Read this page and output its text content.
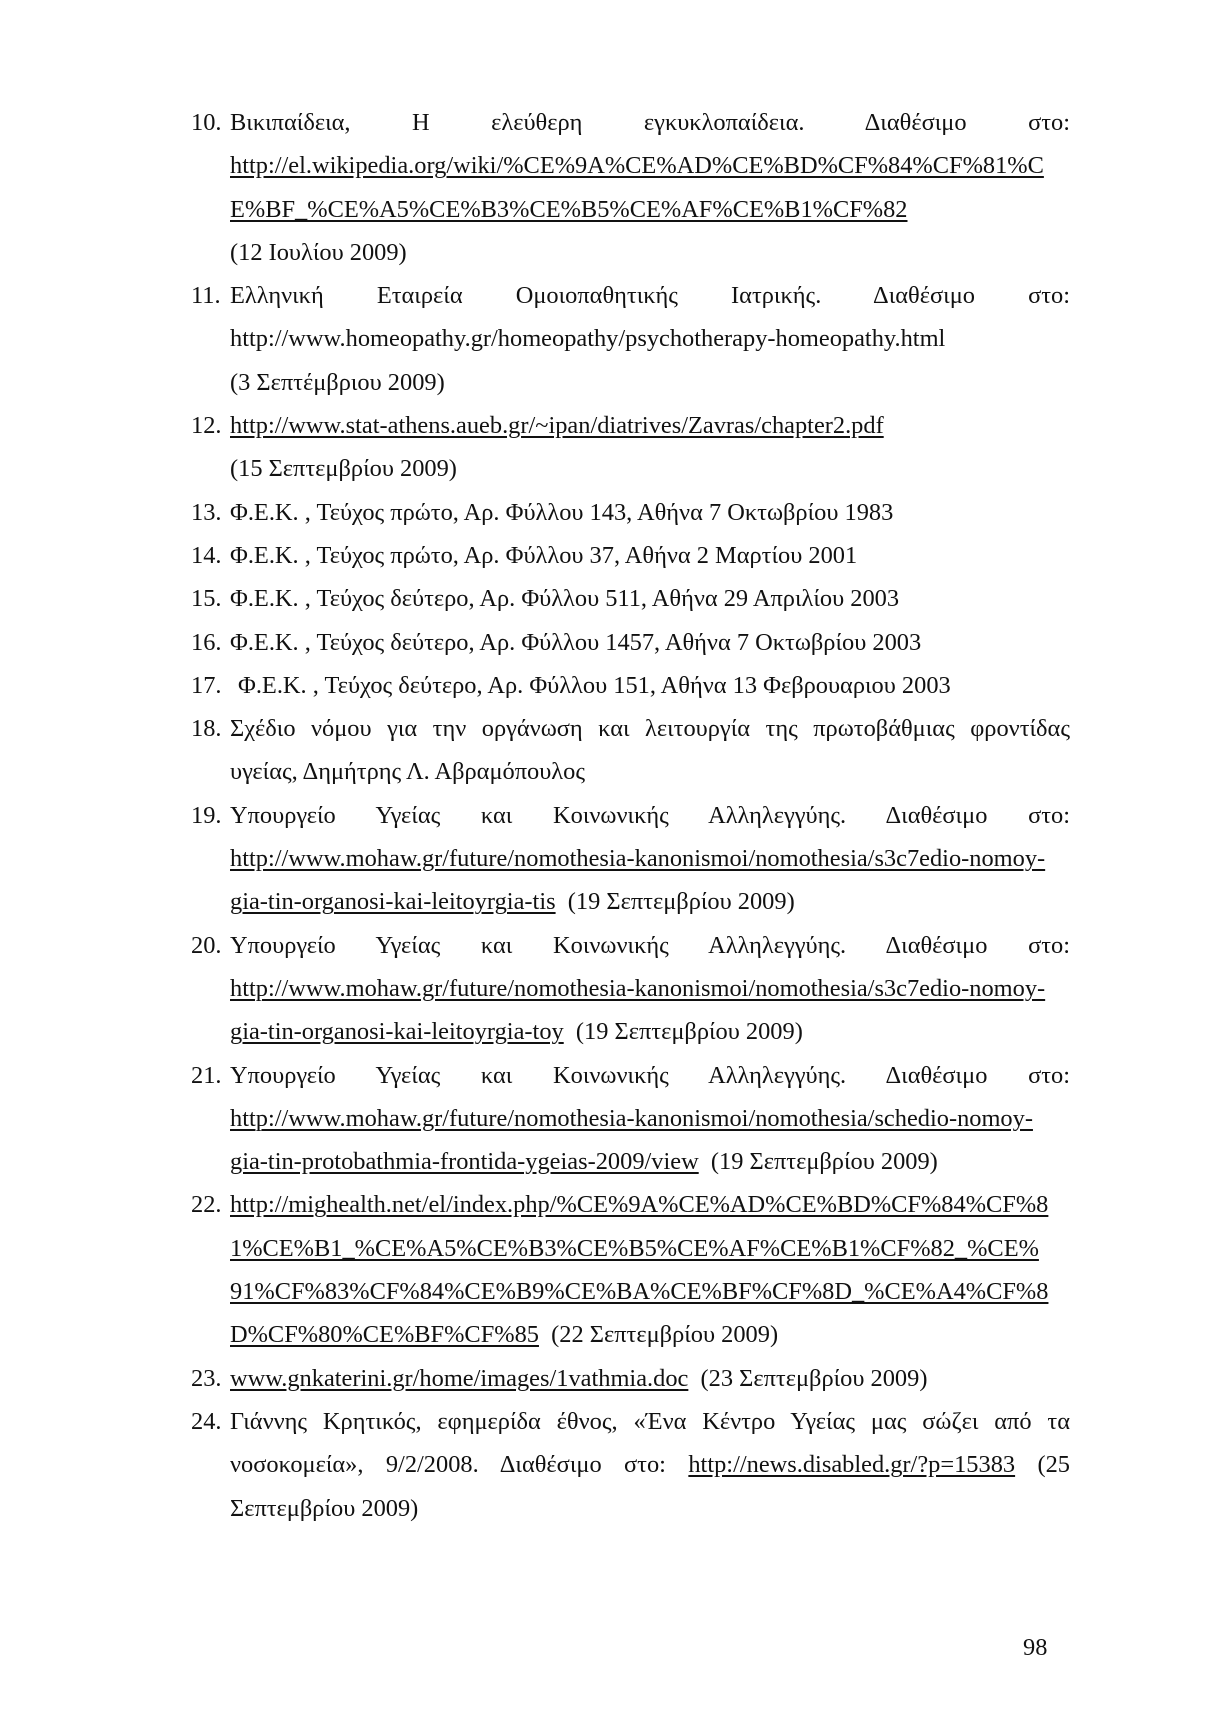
10. Βικιπαίδεια, Η ελεύθερη εγκυκλοπαίδεια. Διαθέσιμο στο:
http://el.wikipedia.org/wiki/%CE%9A%CE%AD%CE%BD%CF%84%CF%81%C
E%BF_%CE%A5%CE%B3%CE%B5%CE%AF%CE%B1%CF%82
(12 Ιουλίου 2009)
11. Ελληνική Εταιρεία Ομοιοπαθητικής Ιατρικής. Διαθέσιμο στο:
http://www.homeopathy.gr/homeopathy/psychotherapy-homeopathy.html
(3 Σεπτέμβριου 2009)
12. http://www.stat-athens.aueb.gr/~ipan/diatrives/Zavras/chapter2.pdf
(15 Σεπτεμβρίου 2009)
13. Φ.Ε.Κ. , Τεύχος πρώτο, Αρ. Φύλλου 143, Αθήνα 7 Οκτωβρίου 1983
14. Φ.Ε.Κ. , Τεύχος πρώτο, Αρ. Φύλλου 37, Αθήνα 2 Μαρτίου 2001
15. Φ.Ε.Κ. , Τεύχος δεύτερο, Αρ. Φύλλου 511, Αθήνα 29 Απριλίου 2003
16. Φ.Ε.Κ. , Τεύχος δεύτερο, Αρ. Φύλλου 1457, Αθήνα 7 Οκτωβρίου 2003
17. Φ.Ε.Κ. , Τεύχος δεύτερο, Αρ. Φύλλου 151, Αθήνα 13 Φεβρουαριου 2003
18. Σχέδιο νόμου για την οργάνωση και λειτουργία της πρωτοβάθμιας φροντίδας
υγείας, Δημήτρης Λ. Αβραμόπουλος
19. Υπουργείο Υγείας και Κοινωνικής Αλληλεγγύης. Διαθέσιμο στο:
http://www.mohaw.gr/future/nomothesia-kanonismoi/nomothesia/s3c7edio-nomoy-
gia-tin-organosi-kai-leitoyrgia-tis (19 Σεπτεμβρίου 2009)
20. Υπουργείο Υγείας και Κοινωνικής Αλληλεγγύης. Διαθέσιμο στο:
http://www.mohaw.gr/future/nomothesia-kanonismoi/nomothesia/s3c7edio-nomoy-
gia-tin-organosi-kai-leitoyrgia-toy (19 Σεπτεμβρίου 2009)
21. Υπουργείο Υγείας και Κοινωνικής Αλληλεγγύης. Διαθέσιμο στο:
http://www.mohaw.gr/future/nomothesia-kanonismoi/nomothesia/schedio-nomoy-
gia-tin-protobathmia-frontida-ygeias-2009/view (19 Σεπτεμβρίου 2009)
22. http://mighealth.net/el/index.php/%CE%9A%CE%AD%CE%BD%CF%84%CF%8
1%CE%B1_%CE%A5%CE%B3%CE%B5%CE%AF%CE%B1%CF%82_%CE%
91%CF%83%CF%84%CE%B9%CE%BA%CE%BF%CF%8D_%CE%A4%CF%8
D%CF%80%CE%BF%CF%85 (22 Σεπτεμβρίου 2009)
23. www.gnkaterini.gr/home/images/1vathmia.doc (23 Σεπτεμβρίου 2009)
24. Γιάννης Κρητικός, εφημερίδα έθνος, «Ένα Κέντρο Υγείας μας σώζει από τα
νοσοκομεία», 9/2/2008. Διαθέσιμο στο: http://news.disabled.gr/?p=15383 (25
Σεπτεμβρίου 2009)
98
